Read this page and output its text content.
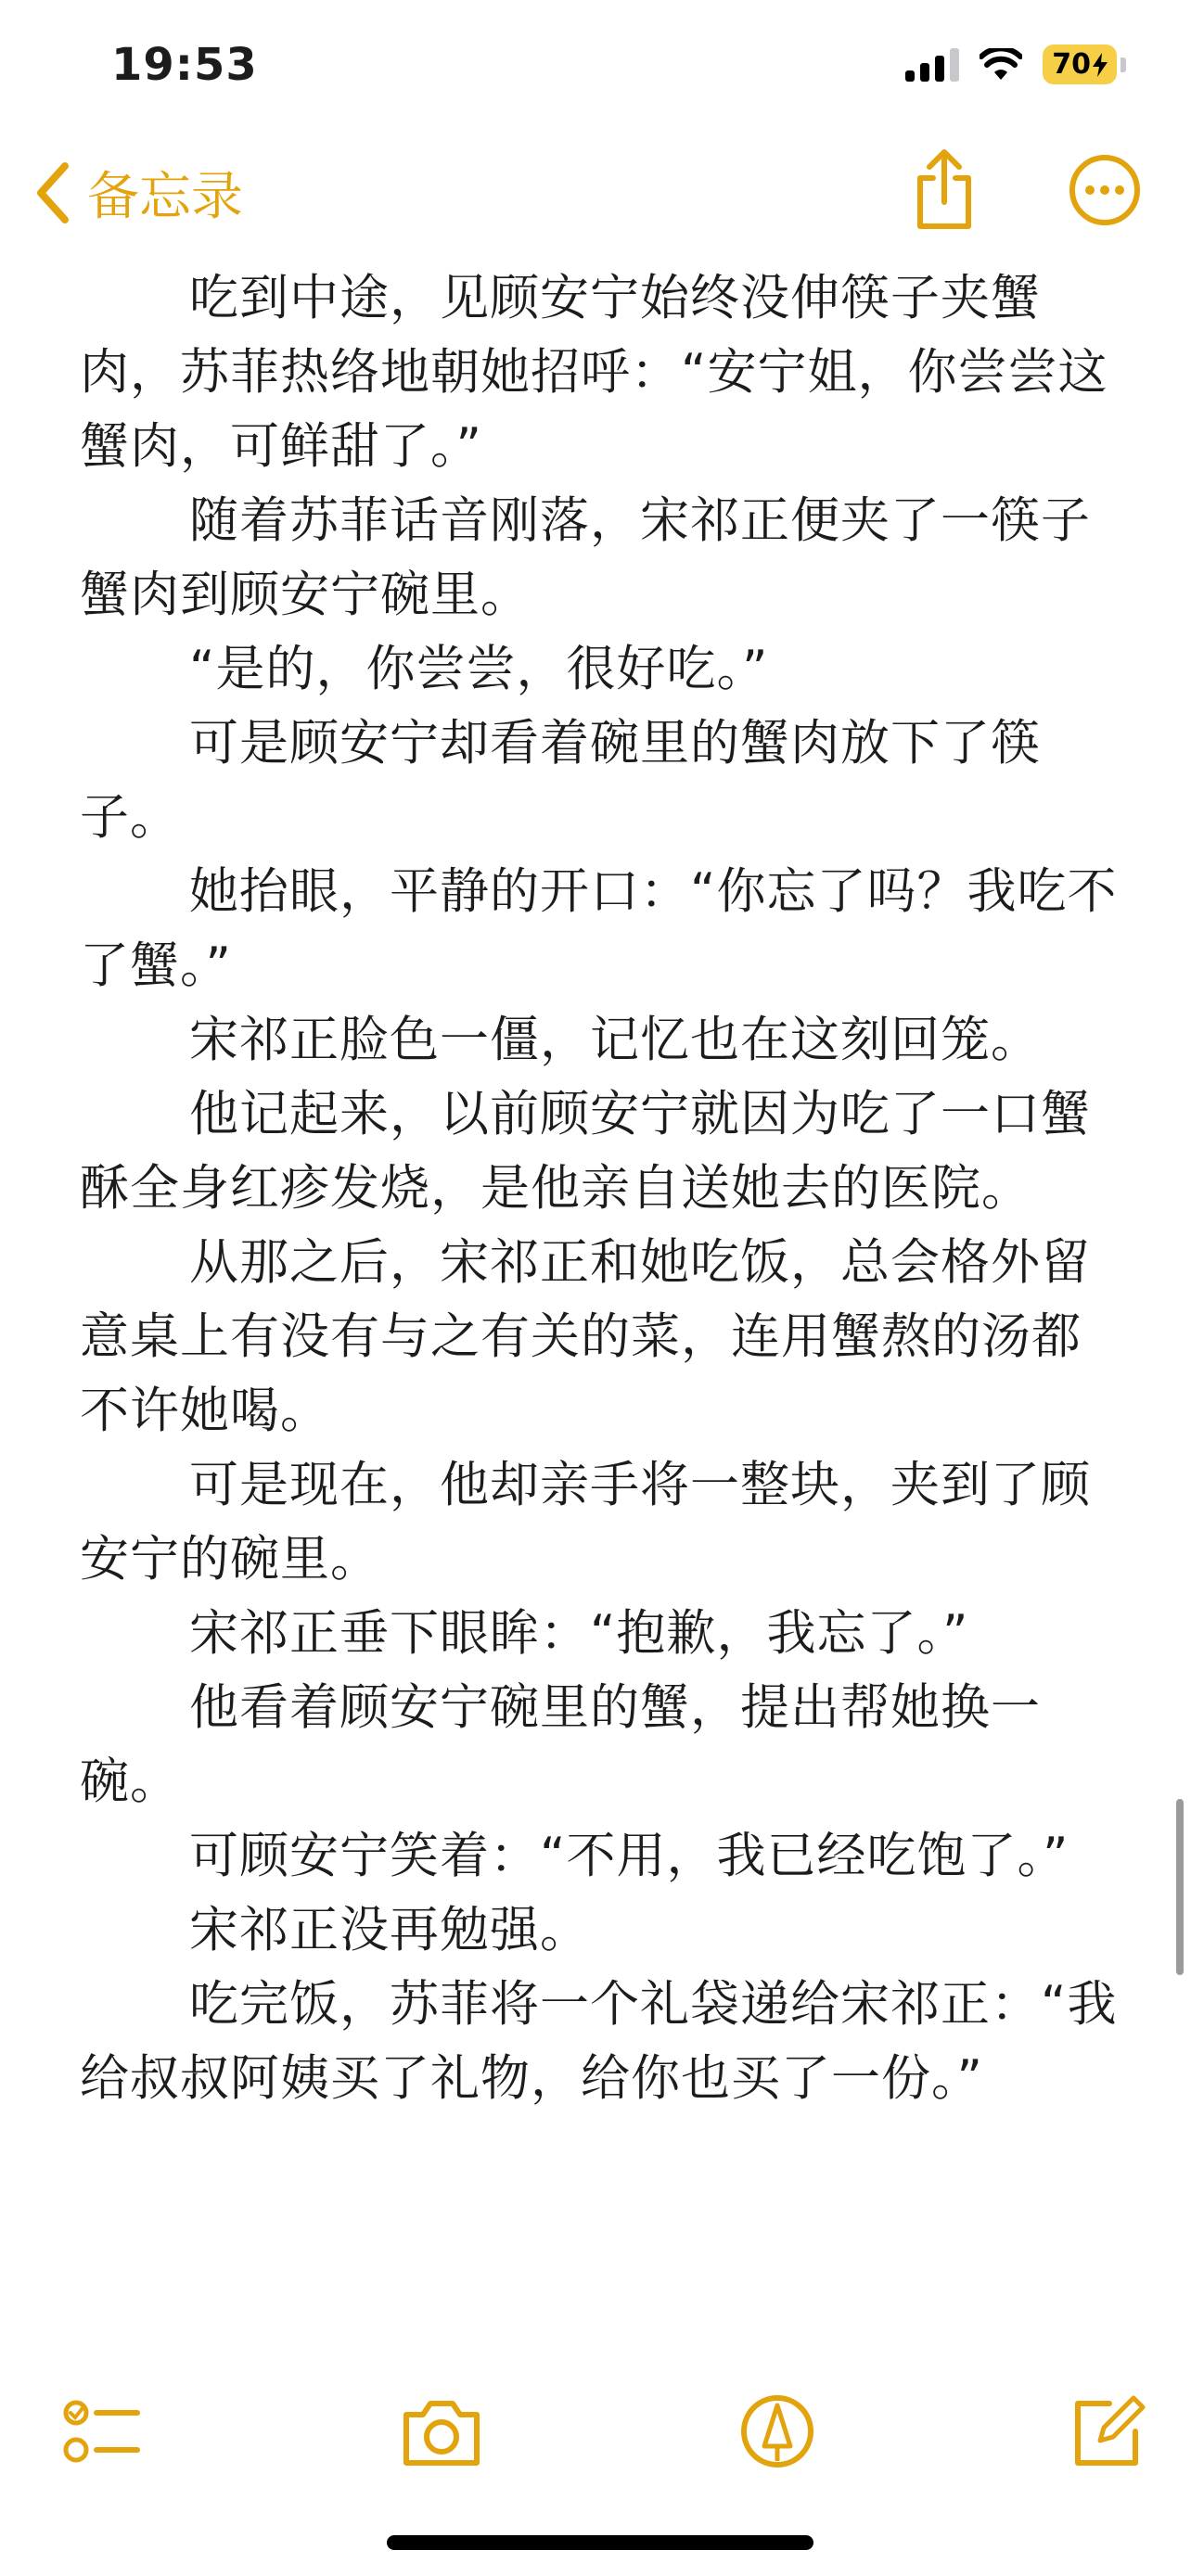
19:53	70
备忘录

吃到中途，见顾安宁始终没伸筷子夹蟹肉，苏菲热络地朝她招呼：“安宁姐，你尝尝这蟹肉，可鲜甜了。”

随着苏菲话音刚落，宋祁正便夹了一筷子蟹肉到顾安宁碗里。

“是的，你尝尝，很好吃。”

可是顾安宁却看着碗里的蟹肉放下了筷子。

她抬眼，平静的开口：“你忘了吗？我吃不了蟹。”

宋祁正脸色一僵，记忆也在这刻回笼。

他记起来，以前顾安宁就因为吃了一口蟹酥全身红疹发烧，是他亲自送她去的医院。

从那之后，宋祁正和她吃饭，总会格外留意桌上有没有与之有关的菜，连用蟹熬的汤都不许她喝。

可是现在，他却亲手将一整块，夹到了顾安宁的碗里。

宋祁正垂下眼眸：“抱歉，我忘了。”

他看着顾安宁碗里的蟹，提出帮她换一碗。

可顾安宁笑着：“不用，我已经吃饱了。”

宋祁正没再勉强。

吃完饭，苏菲将一个礼袋递给宋祁正：“我给叔叔阿姨买了礼物，给你也买了一份。”
